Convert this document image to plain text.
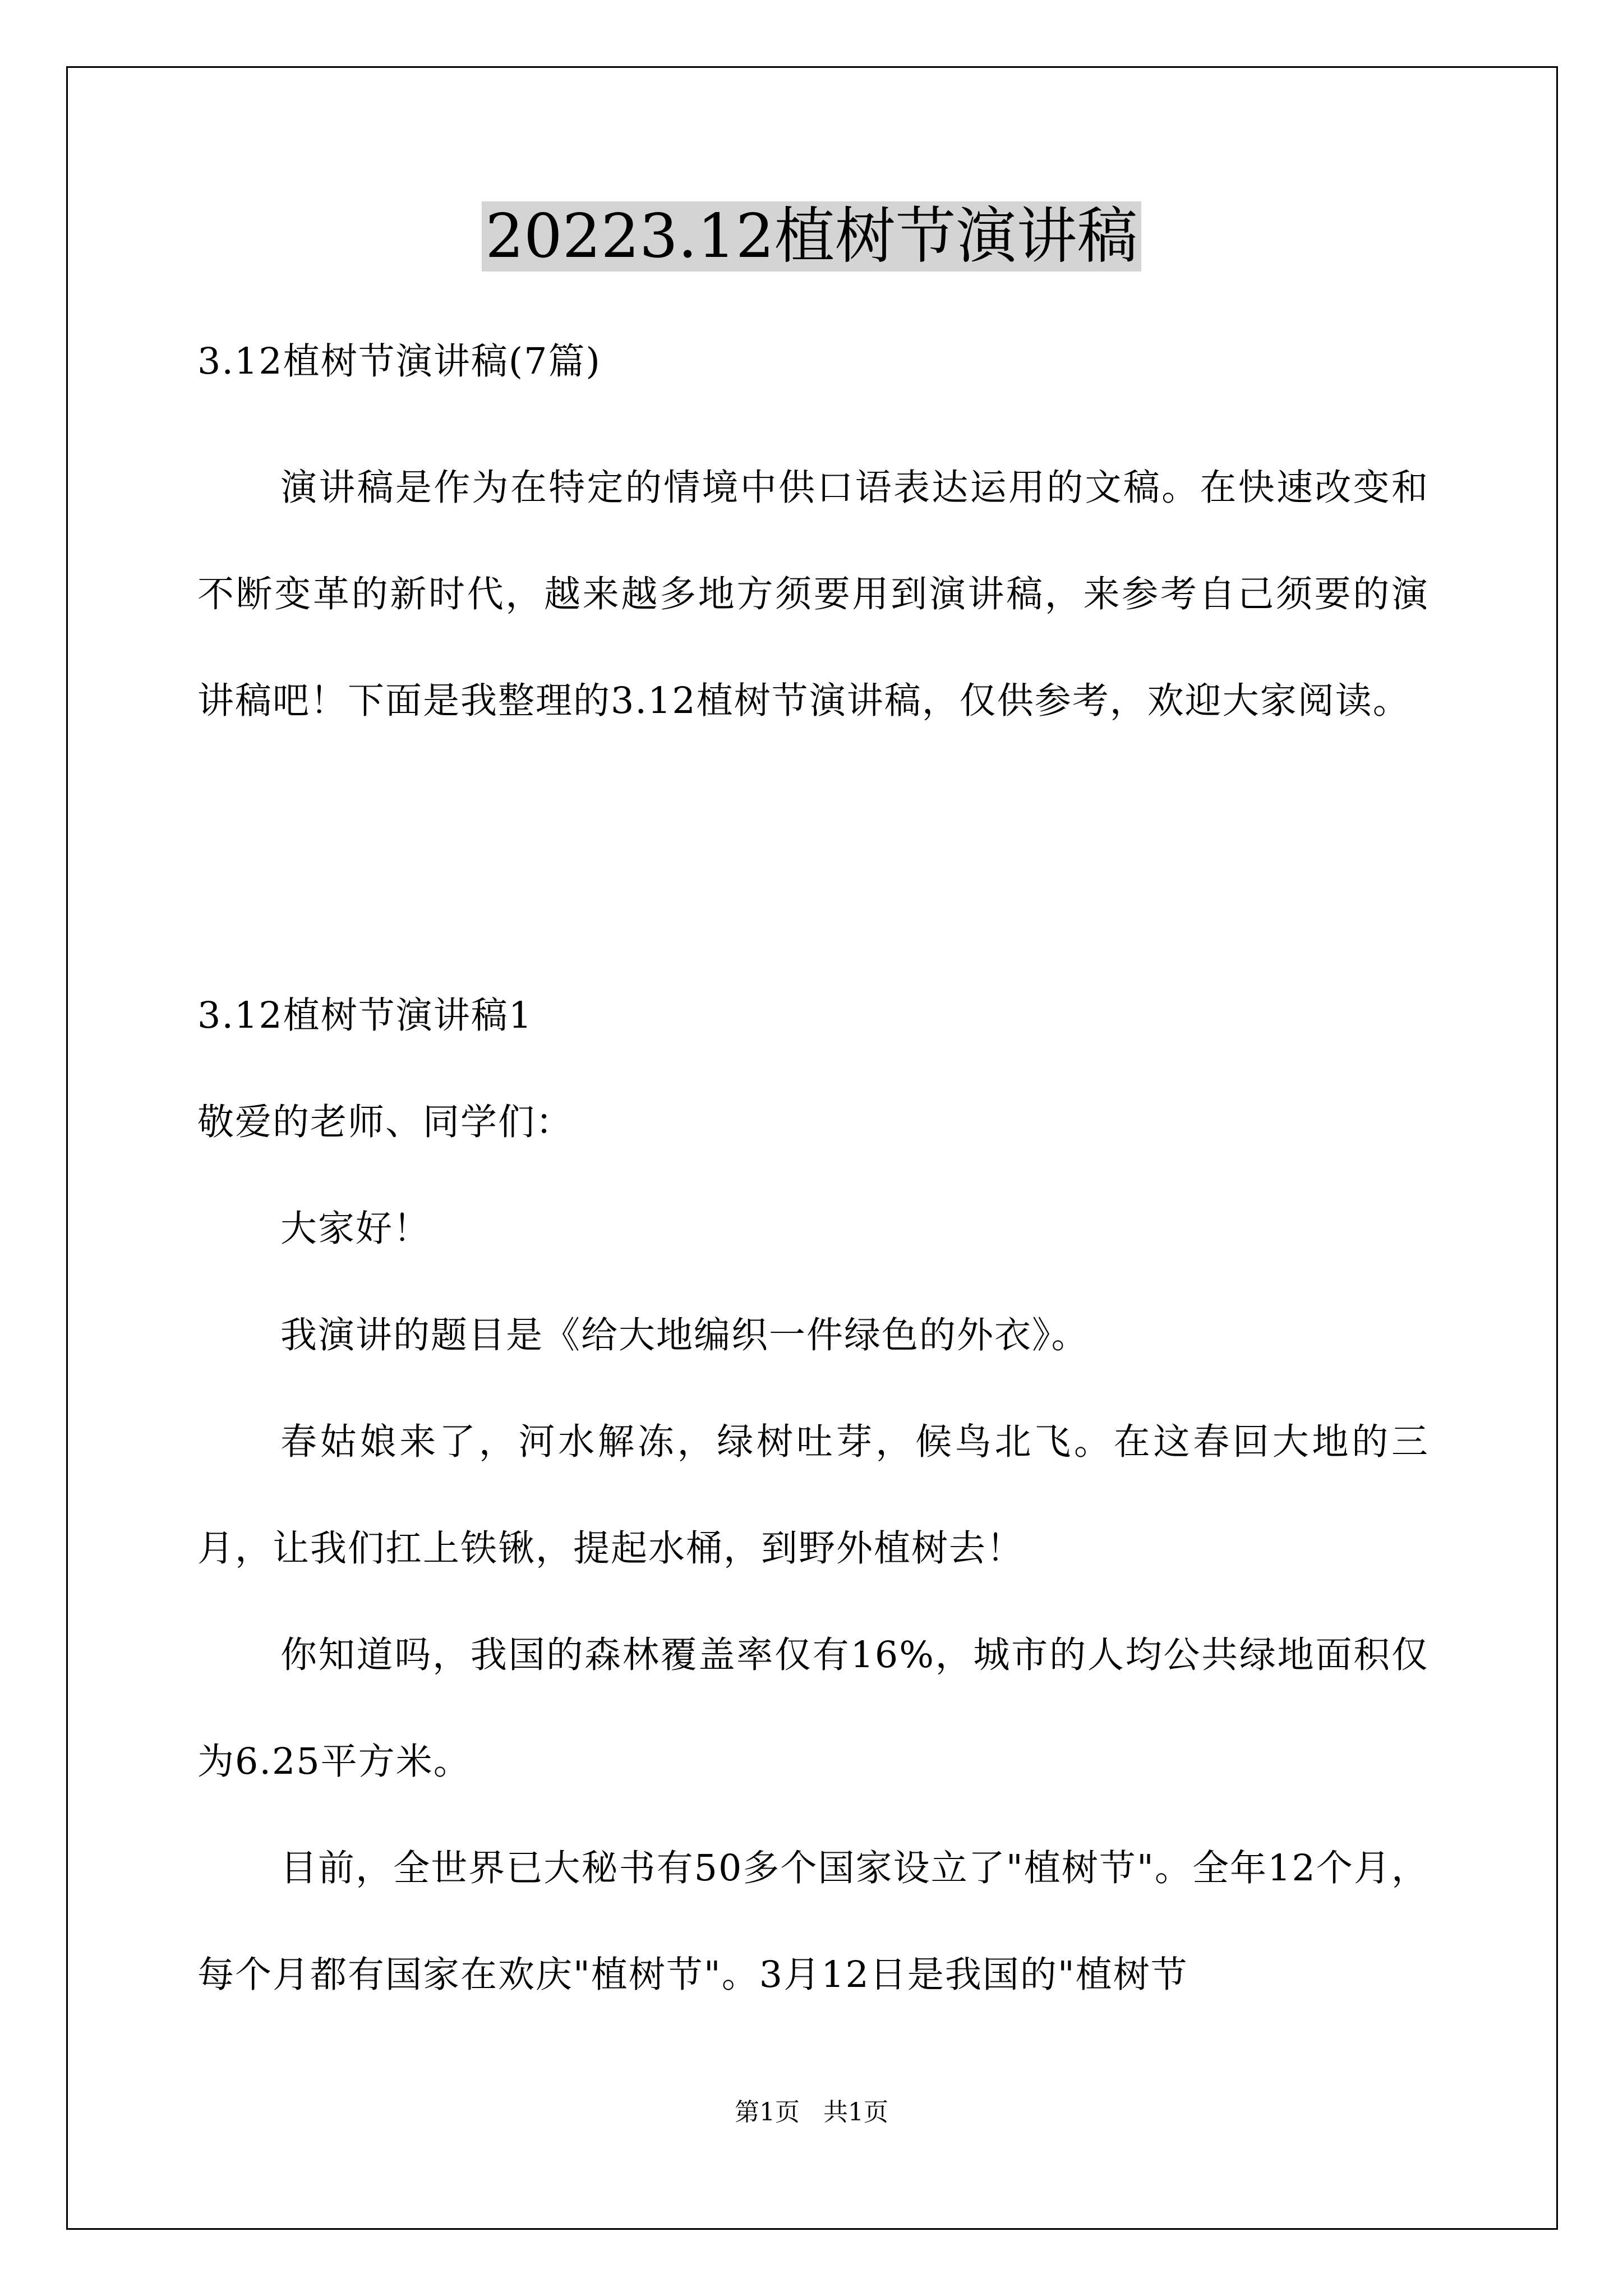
20223.12植树节演讲稿
3.12植树节演讲稿(7篇)
演讲稿是作为在特定的情境中供口语表达运用的文稿。在快速改变和不断变革的新时代，越来越多地方须要用到演讲稿，来参考自己须要的演讲稿吧！下面是我整理的3.12植树节演讲稿，仅供参考，欢迎大家阅读。
3.12植树节演讲稿1
敬爱的老师、同学们：
大家好！
我演讲的题目是《给大地编织一件绿色的外衣》。
春姑娘来了，河水解冻，绿树吐芽，候鸟北飞。在这春回大地的三月，让我们扛上铁锹，提起水桶，到野外植树去！
你知道吗，我国的森林覆盖率仅有16%，城市的人均公共绿地面积仅为6.25平方米。
目前，全世界已大秘书有50多个国家设立了"植树节"。全年12个月，每个月都有国家在欢庆"植树节"。3月12日是我国的"植树节
第1页   共1页
